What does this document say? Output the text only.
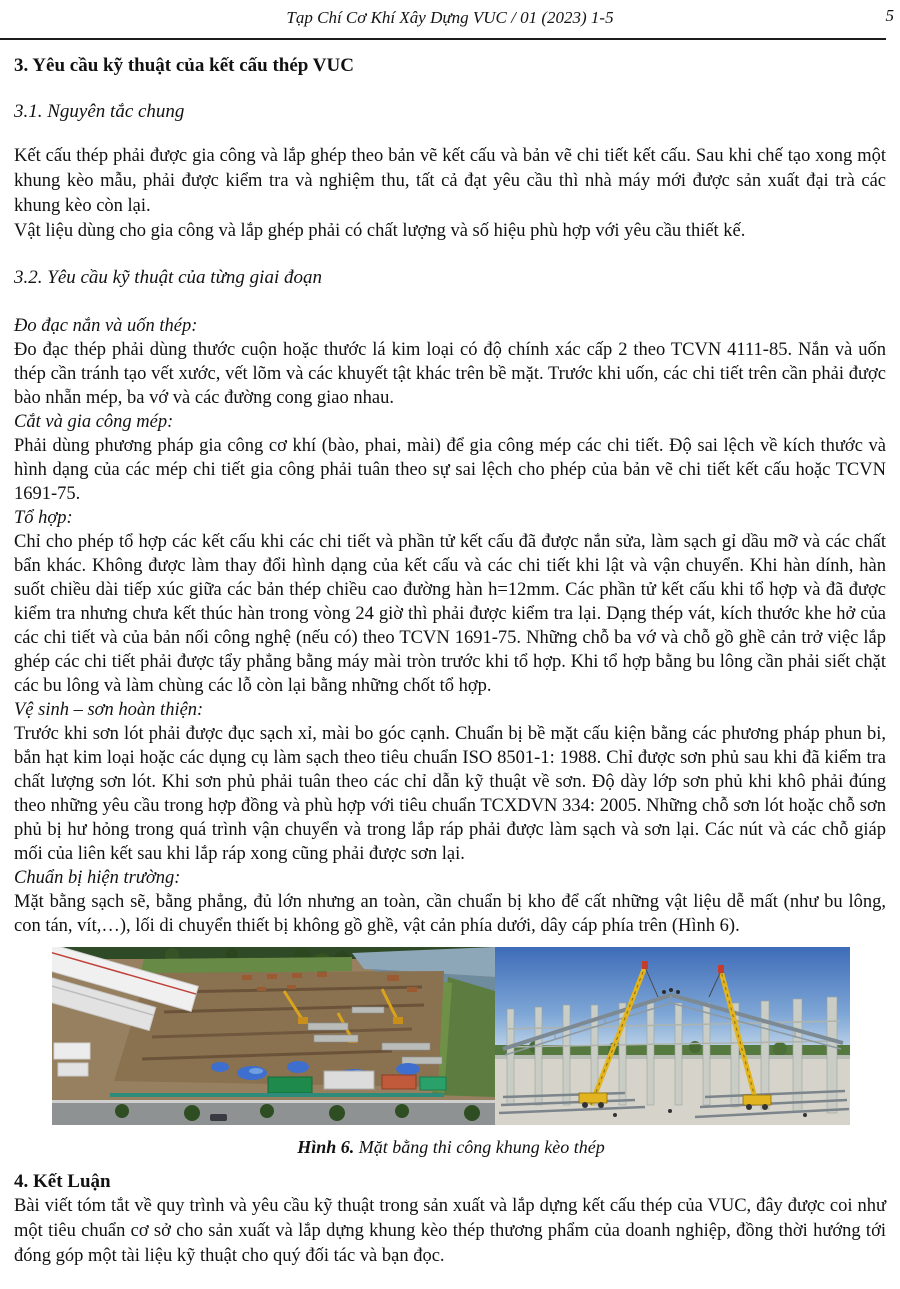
Tạp Chí Cơ Khí Xây Dựng VUC / 01 (2023) 1-5	5
3. Yêu cầu kỹ thuật của kết cấu thép VUC
3.1. Nguyên tắc chung
Kết cấu thép phải được gia công và lắp ghép theo bản vẽ kết cấu và bản vẽ chi tiết kết cấu. Sau khi chế tạo xong một khung kèo mẫu, phải được kiểm tra và nghiệm thu, tất cả đạt yêu cầu thì nhà máy mới được sản xuất đại trà các khung kèo còn lại.
Vật liệu dùng cho gia công và lắp ghép phải có chất lượng và số hiệu phù hợp với yêu cầu thiết kế.
3.2. Yêu cầu kỹ thuật của từng giai đoạn
Đo đạc nắn và uốn thép:
Đo đạc thép phải dùng thước cuộn hoặc thước lá kim loại có độ chính xác cấp 2 theo TCVN 4111-85. Nắn và uốn thép cần tránh tạo vết xước, vết lõm và các khuyết tật khác trên bề mặt. Trước khi uốn, các chi tiết trên cần phải được bào nhẵn mép, ba vớ và các đường cong giao nhau.
Cắt và gia công mép:
Phải dùng phương pháp gia công cơ khí (bào, phai, mài) để gia công mép các chi tiết. Độ sai lệch về kích thước và hình dạng của các mép chi tiết gia công phải tuân theo sự sai lệch cho phép của bản vẽ chi tiết kết cấu hoặc TCVN 1691-75.
Tổ hợp:
Chỉ cho phép tổ hợp các kết cấu khi các chi tiết và phần tử kết cấu đã được nắn sửa, làm sạch gỉ dầu mỡ và các chất bẩn khác. Không được làm thay đổi hình dạng của kết cấu và các chi tiết khi lật và vận chuyển. Khi hàn dính, hàn suốt chiều dài tiếp xúc giữa các bản thép chiều cao đường hàn h=12mm. Các phần tử kết cấu khi tổ hợp và đã được kiểm tra nhưng chưa kết thúc hàn trong vòng 24 giờ thì phải được kiểm tra lại. Dạng thép vát, kích thước khe hở của các chi tiết và của bản nối công nghệ (nếu có) theo TCVN 1691-75. Những chỗ ba vớ và chỗ gồ ghề cản trở việc lắp ghép các chi tiết phải được tẩy phẳng bằng máy mài tròn trước khi tổ hợp. Khi tổ hợp bằng bu lông cần phải siết chặt các bu lông và làm chùng các lỗ còn lại bằng những chốt tổ hợp.
Vệ sinh – sơn hoàn thiện:
Trước khi sơn lót phải được đục sạch xỉ, mài bo góc cạnh. Chuẩn bị bề mặt cấu kiện bằng các phương pháp phun bi, bắn hạt kim loại hoặc các dụng cụ làm sạch theo tiêu chuẩn ISO 8501-1: 1988. Chỉ được sơn phủ sau khi đã kiểm tra chất lượng sơn lót. Khi sơn phủ phải tuân theo các chỉ dẫn kỹ thuật về sơn. Độ dày lớp sơn phủ khi khô phải đúng theo những yêu cầu trong hợp đồng và phù hợp với tiêu chuẩn TCXDVN 334: 2005. Những chỗ sơn lót hoặc chỗ sơn phủ bị hư hỏng trong quá trình vận chuyển và trong lắp ráp phải được làm sạch và sơn lại. Các nút và các chỗ giáp mối của liên kết sau khi lắp ráp xong cũng phải được sơn lại.
Chuẩn bị hiện trường:
Mặt bằng sạch sẽ, bằng phẳng, đủ lớn nhưng an toàn, cần chuẩn bị kho để cất những vật liệu dễ mất (như bu lông, con tán, vít,…), lối di chuyển thiết bị không gồ ghề, vật cản phía dưới, dây cáp phía trên (Hình 6).
Hình 6. Mặt bằng thi công khung kèo thép
4. Kết Luận
Bài viết tóm tắt về quy trình và yêu cầu kỹ thuật trong sản xuất và lắp dựng kết cấu thép của VUC, đây được coi như một tiêu chuẩn cơ sở cho sản xuất và lắp dựng khung kèo thép thương phẩm của doanh nghiệp, đồng thời hướng tới đóng góp một tài liệu kỹ thuật cho quý đối tác và bạn đọc.
